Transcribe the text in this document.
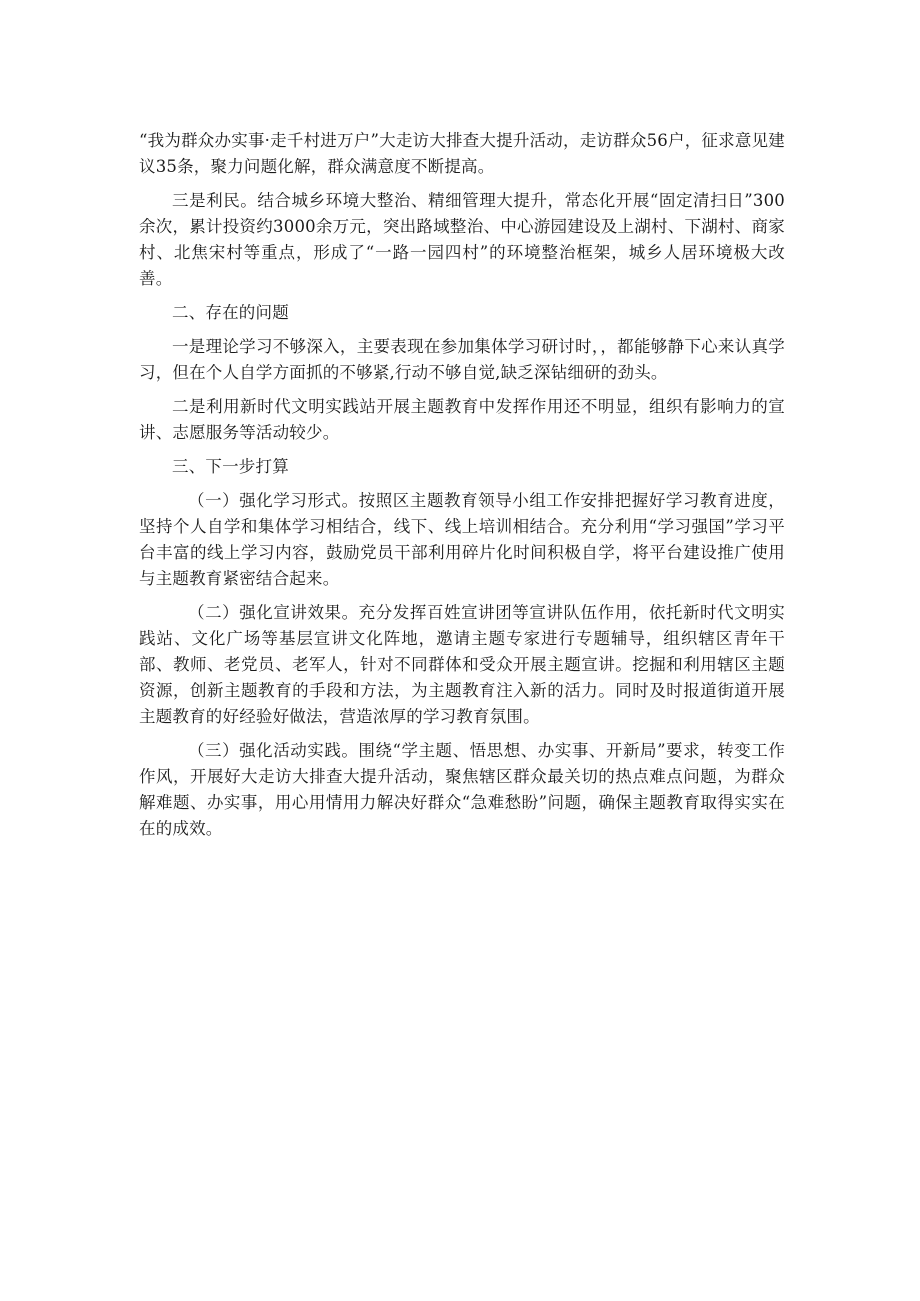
“我为群众办实事·走千村进万户”大走访大排查大提升活动，走访群众56户，征求意见建议35条，聚力问题化解，群众满意度不断提高。

三是利民。结合城乡环境大整治、精细管理大提升，常态化开展“固定清扫日”300余次，累计投资约3000余万元，突出路域整治、中心游园建设及上湖村、下湖村、商家村、北焦宋村等重点，形成了“一路一园四村”的环境整治框架，城乡人居环境极大改善。

二、存在的问题

一是理论学习不够深入，主要表现在参加集体学习研讨时，，都能够静下心来认真学习，但在个人自学方面抓的不够紧,行动不够自觉,缺乏深钻细研的劲头。

二是利用新时代文明实践站开展主题教育中发挥作用还不明显，组织有影响力的宣讲、志愿服务等活动较少。

三、下一步打算

（一）强化学习形式。按照区主题教育领导小组工作安排把握好学习教育进度，坚持个人自学和集体学习相结合，线下、线上培训相结合。充分利用“学习强国”学习平台丰富的线上学习内容，鼓励党员干部利用碎片化时间积极自学，将平台建设推广使用与主题教育紧密结合起来。

（二）强化宣讲效果。充分发挥百姓宣讲团等宣讲队伍作用，依托新时代文明实践站、文化广场等基层宣讲文化阵地，邀请主题专家进行专题辅导，组织辖区青年干部、教师、老党员、老军人，针对不同群体和受众开展主题宣讲。挖掘和利用辖区主题资源，创新主题教育的手段和方法，为主题教育注入新的活力。同时及时报道街道开展主题教育的好经验好做法，营造浓厚的学习教育氛围。

（三）强化活动实践。围绕“学主题、悟思想、办实事、开新局”要求，转变工作作风，开展好大走访大排查大提升活动，聚焦辖区群众最关切的热点难点问题，为群众解难题、办实事，用心用情用力解决好群众“急难愁盼”问题，确保主题教育取得实实在在的成效。
